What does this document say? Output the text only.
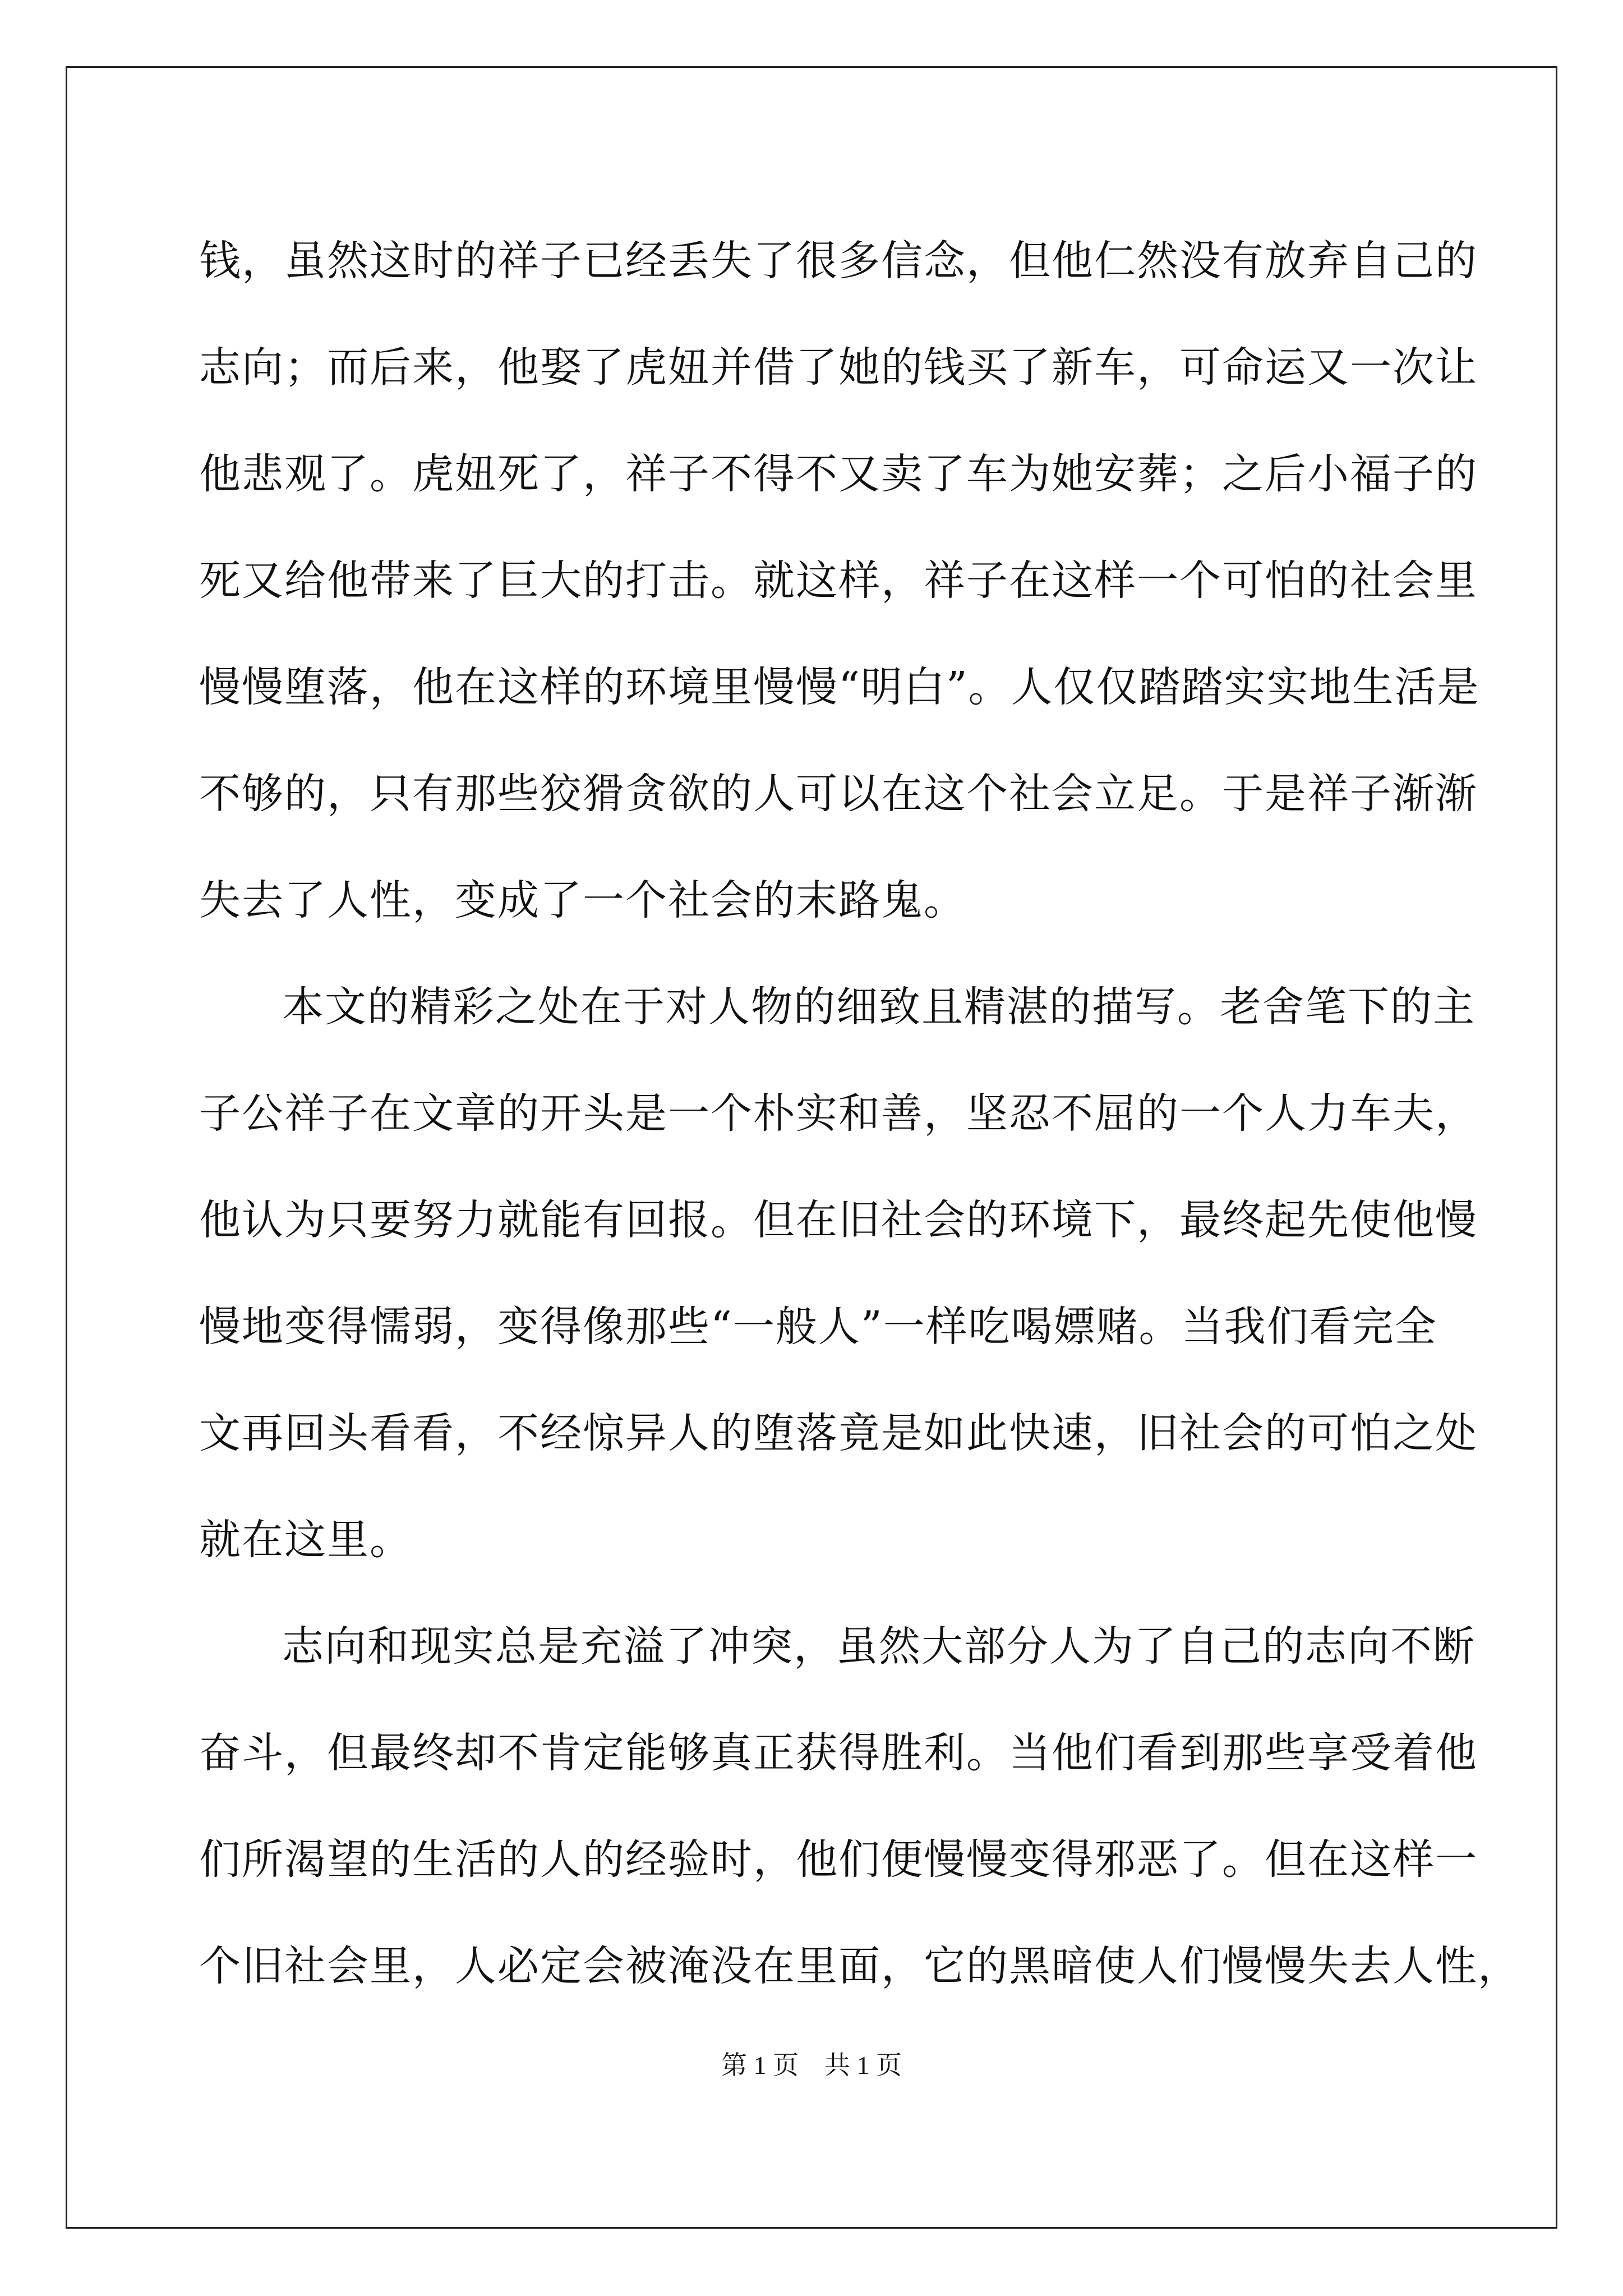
钱，虽然这时的祥子已经丢失了很多信念，但他仁然没有放弃自己的
志向；而后来，他娶了虎妞并借了她的钱买了新车，可命运又一次让
他悲观了。虎妞死了，祥子不得不又卖了车为她安葬；之后小福子的
死又给他带来了巨大的打击。就这样，祥子在这样一个可怕的社会里
慢慢堕落，他在这样的环境里慢慢“明白”。人仅仅踏踏实实地生活是
不够的，只有那些狡猾贪欲的人可以在这个社会立足。于是祥子渐渐
失去了人性，变成了一个社会的末路鬼。
本文的精彩之处在于对人物的细致且精湛的描写。老舍笔下的主
子公祥子在文章的开头是一个朴实和善，坚忍不屈的一个人力车夫，
他认为只要努力就能有回报。但在旧社会的环境下，最终起先使他慢
慢地变得懦弱，变得像那些“一般人”一样吃喝嫖赌。当我们看完全
文再回头看看，不经惊异人的堕落竟是如此快速，旧社会的可怕之处
就在这里。
志向和现实总是充溢了冲突，虽然大部分人为了自己的志向不断
奋斗，但最终却不肯定能够真正获得胜利。当他们看到那些享受着他
们所渴望的生活的人的经验时，他们便慢慢变得邪恶了。但在这样一
个旧社会里，人必定会被淹没在里面，它的黑暗使人们慢慢失去人性，
第 1 页　共 1 页
